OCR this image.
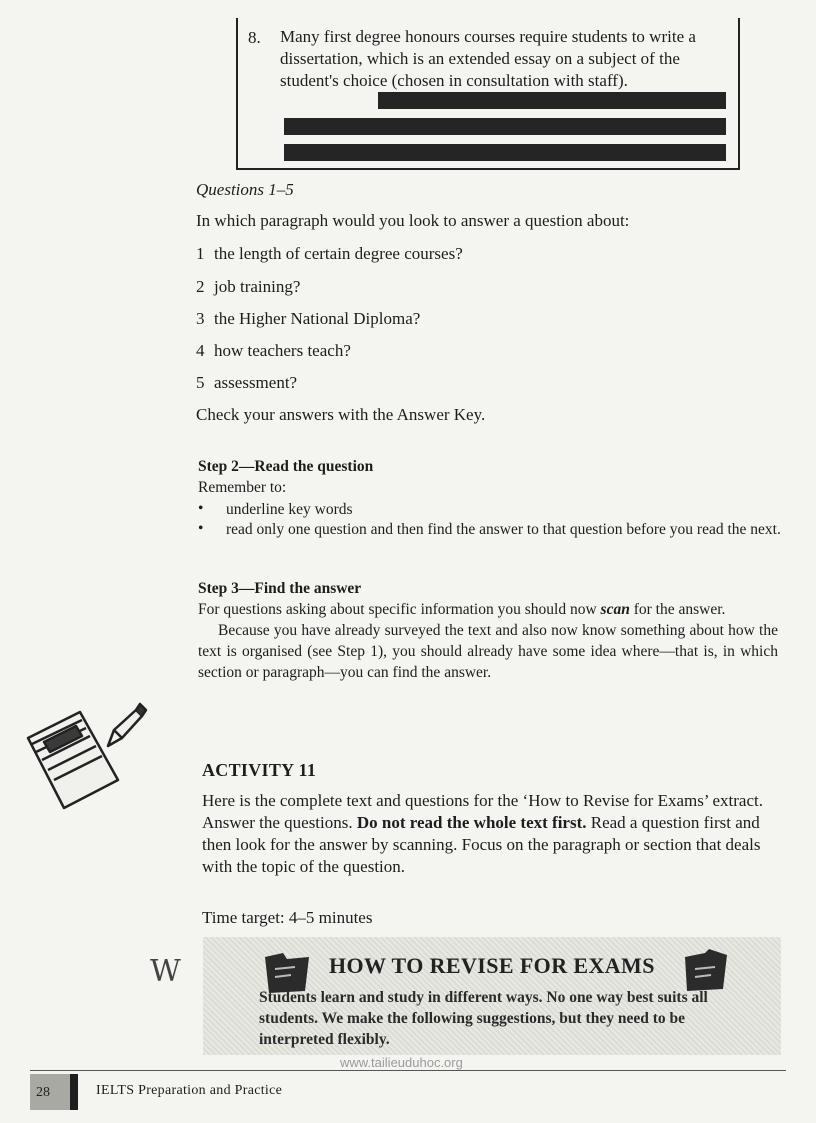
8. Many first degree honours courses require students to write a dissertation, which is an extended essay on a subject of the student's choice (chosen in consultation with staff).

Questions 1–5
In which paragraph would you look to answer a question about:
1 the length of certain degree courses?
2 job training?
3 the Higher National Diploma?
4 how teachers teach?
5 assessment?
Check your answers with the Answer Key.
Step 2—Read the question
Remember to:
• underline key words
• read only one question and then find the answer to that question before you read the next.
Step 3—Find the answer

For questions asking about specific information you should now scan for the answer.

Because you have already surveyed the text and also now know something about how the text is organised (see Step 1), you should already have some idea where—that is, in which section or paragraph—you can find the answer.

ACTIVITY 11

Here is the complete text and questions for the ‘How to Revise for Exams’ extract. Answer the questions. Do not read the whole text first. Read a question first and then look for the answer by scanning. Focus on the paragraph or section that deals with the topic of the question.

Time target: 4–5 minutes
W	HOW TO REVISE FOR EXAMS

Students learn and study in different ways. No one way best suits all students. We make the following suggestions, but they need to be interpreted flexibly.

www.tailieuduhoc.org
28	IELTS Preparation and Practice
